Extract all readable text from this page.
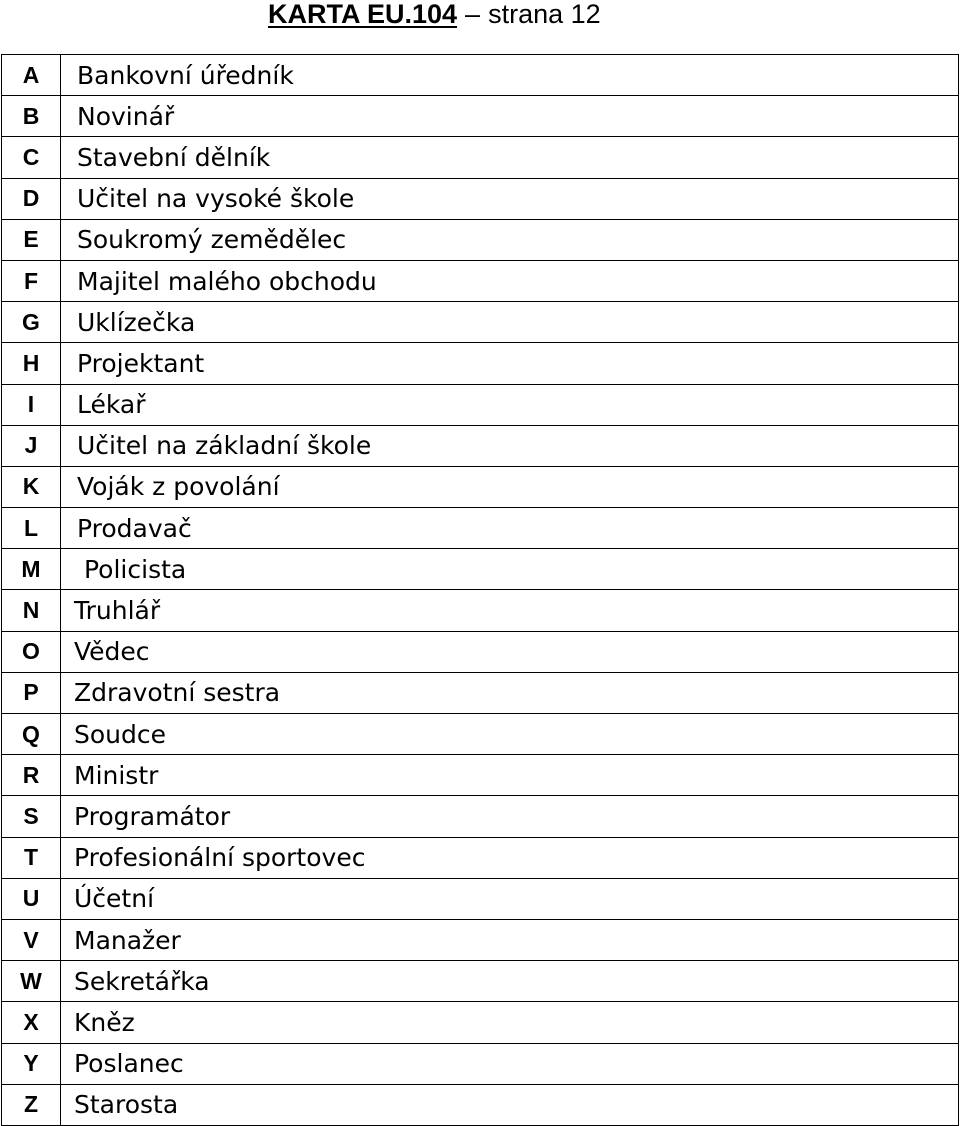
KARTA EU.104 – strana 12
A	Bankovní úředník
B	Novinář
C	Stavební dělník
D	Učitel na vysoké škole
E	Soukromý zemědělec
F	Majitel malého obchodu
G	Uklízečka
H	Projektant
I	Lékař
J	Učitel na základní škole
K	Voják z povolání
L	Prodavač
M	Policista
N	Truhlář
O	Vědec
P	Zdravotní sestra
Q	Soudce
R	Ministr
S	Programátor
T	Profesionální sportovec
U	Účetní
V	Manažer
W	Sekretářka
X	Kněz
Y	Poslanec
Z	Starosta
